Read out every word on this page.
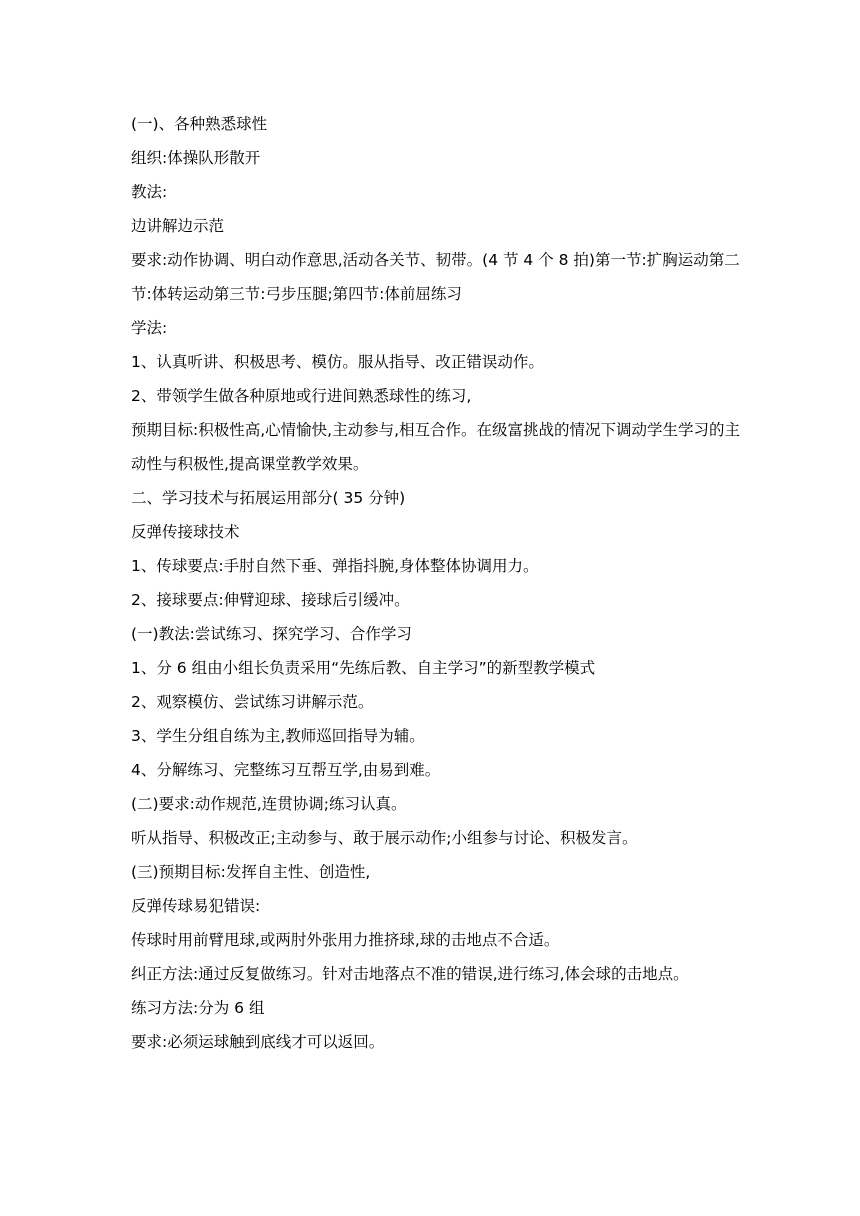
(一)、各种熟悉球性

组织:体操队形散开

教法:

边讲解边示范

要求:动作协调、明白动作意思,活动各关节、韧带。(4 节 4 个 8 拍)第一节:扩胸运动第二节:体转运动第三节:弓步压腿;第四节:体前屈练习

学法:

1、认真听讲、积极思考、模仿。服从指导、改正错误动作。

2、带领学生做各种原地或行进间熟悉球性的练习,

预期目标:积极性高,心情愉快,主动参与,相互合作。在级富挑战的情况下调动学生学习的主动性与积极性,提高课堂教学效果。

二、学习技术与拓展运用部分( 35 分钟)

反弹传接球技术

1、传球要点:手肘自然下垂、弹指抖腕,身体整体协调用力。

2、接球要点:伸臂迎球、接球后引缓冲。

(一)教法:尝试练习、探究学习、合作学习

1、分 6 组由小组长负责采用“先练后教、自主学习”的新型教学模式

2、观察模仿、尝试练习讲解示范。

3、学生分组自练为主,教师巡回指导为辅。

4、分解练习、完整练习互帮互学,由易到难。

(二)要求:动作规范,连贯协调;练习认真。

听从指导、积极改正;主动参与、敢于展示动作;小组参与讨论、积极发言。

(三)预期目标:发挥自主性、创造性,

反弹传球易犯错误:

传球时用前臂甩球,或两肘外张用力推挤球,球的击地点不合适。

纠正方法:通过反复做练习。针对击地落点不准的错误,进行练习,体会球的击地点。

练习方法:分为 6 组

要求:必须运球触到底线才可以返回。
